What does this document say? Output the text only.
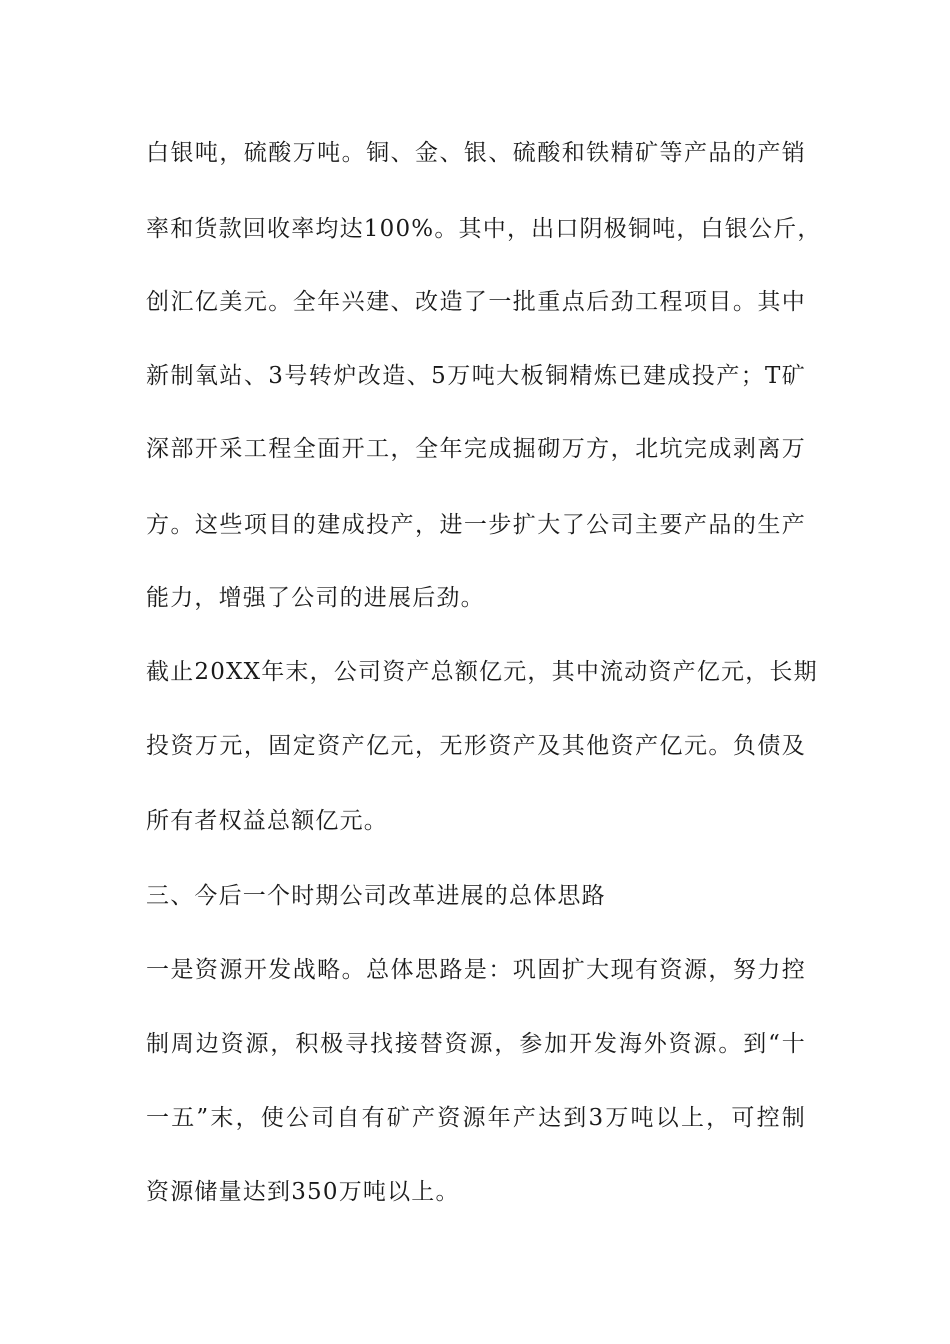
白银吨，硫酸万吨。铜、金、银、硫酸和铁精矿等产品的产销
率和货款回收率均达100%。其中，出口阴极铜吨，白银公斤，
创汇亿美元。全年兴建、改造了一批重点后劲工程项目。其中
新制氧站、3号转炉改造、5万吨大板铜精炼已建成投产；T矿
深部开采工程全面开工，全年完成掘砌万方，北坑完成剥离万
方。这些项目的建成投产，进一步扩大了公司主要产品的生产
能力，增强了公司的进展后劲。
截止20XX年末，公司资产总额亿元，其中流动资产亿元，长期
投资万元，固定资产亿元，无形资产及其他资产亿元。负债及
所有者权益总额亿元。
三、今后一个时期公司改革进展的总体思路
一是资源开发战略。总体思路是：巩固扩大现有资源，努力控
制周边资源，积极寻找接替资源，参加开发海外资源。到“十
一五”末，使公司自有矿产资源年产达到3万吨以上，可控制
资源储量达到350万吨以上。
